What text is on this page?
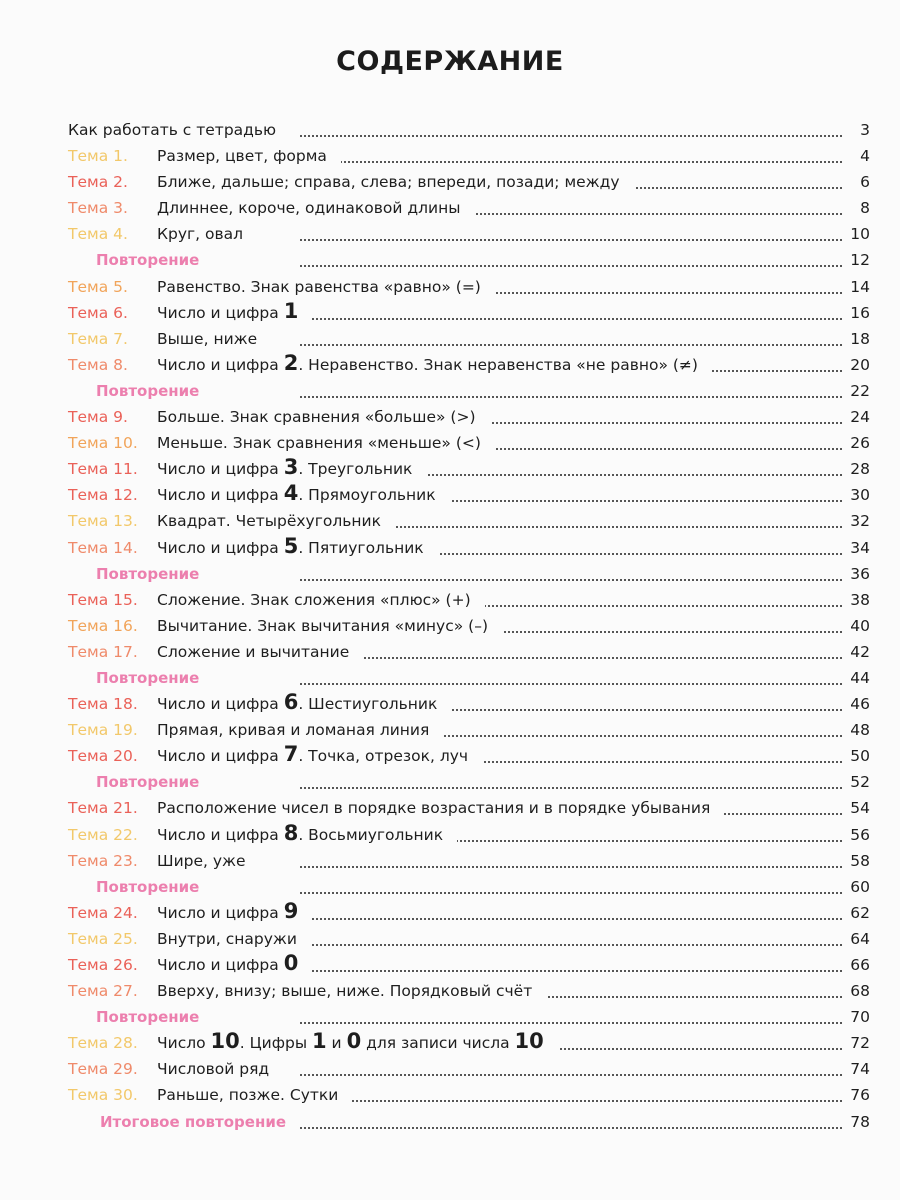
СОДЕРЖАНИЕ
Как работать с тетрадью	3
Тема 1. Размер, цвет, форма	4
Тема 2. Ближе, дальше; справа, слева; впереди, позади; между	6
Тема 3. Длиннее, короче, одинаковой длины	8
Тема 4. Круг, овал	10
Повторение	12
Тема 5. Равенство. Знак равенства «равно» (=)	14
Тема 6. Число и цифра 1	16
Тема 7. Выше, ниже	18
Тема 8. Число и цифра 2. Неравенство. Знак неравенства «не равно» (≠)	20
Повторение	22
Тема 9. Больше. Знак сравнения «больше» (>)	24
Тема 10. Меньше. Знак сравнения «меньше» (<)	26
Тема 11. Число и цифра 3. Треугольник	28
Тема 12. Число и цифра 4. Прямоугольник	30
Тема 13. Квадрат. Четырёхугольник	32
Тема 14. Число и цифра 5. Пятиугольник	34
Повторение	36
Тема 15. Сложение. Знак сложения «плюс» (+)	38
Тема 16. Вычитание. Знак вычитания «минус» (–)	40
Тема 17. Сложение и вычитание	42
Повторение	44
Тема 18. Число и цифра 6. Шестиугольник	46
Тема 19. Прямая, кривая и ломаная линия	48
Тема 20. Число и цифра 7. Точка, отрезок, луч	50
Повторение	52
Тема 21. Расположение чисел в порядке возрастания и в порядке убывания	54
Тема 22. Число и цифра 8. Восьмиугольник	56
Тема 23. Шире, уже	58
Повторение	60
Тема 24. Число и цифра 9	62
Тема 25. Внутри, снаружи	64
Тема 26. Число и цифра 0	66
Тема 27. Вверху, внизу; выше, ниже. Порядковый счёт	68
Повторение	70
Тема 28. Число 10. Цифры 1 и 0 для записи числа 10	72
Тема 29. Числовой ряд	74
Тема 30. Раньше, позже. Сутки	76
Итоговое повторение	78
